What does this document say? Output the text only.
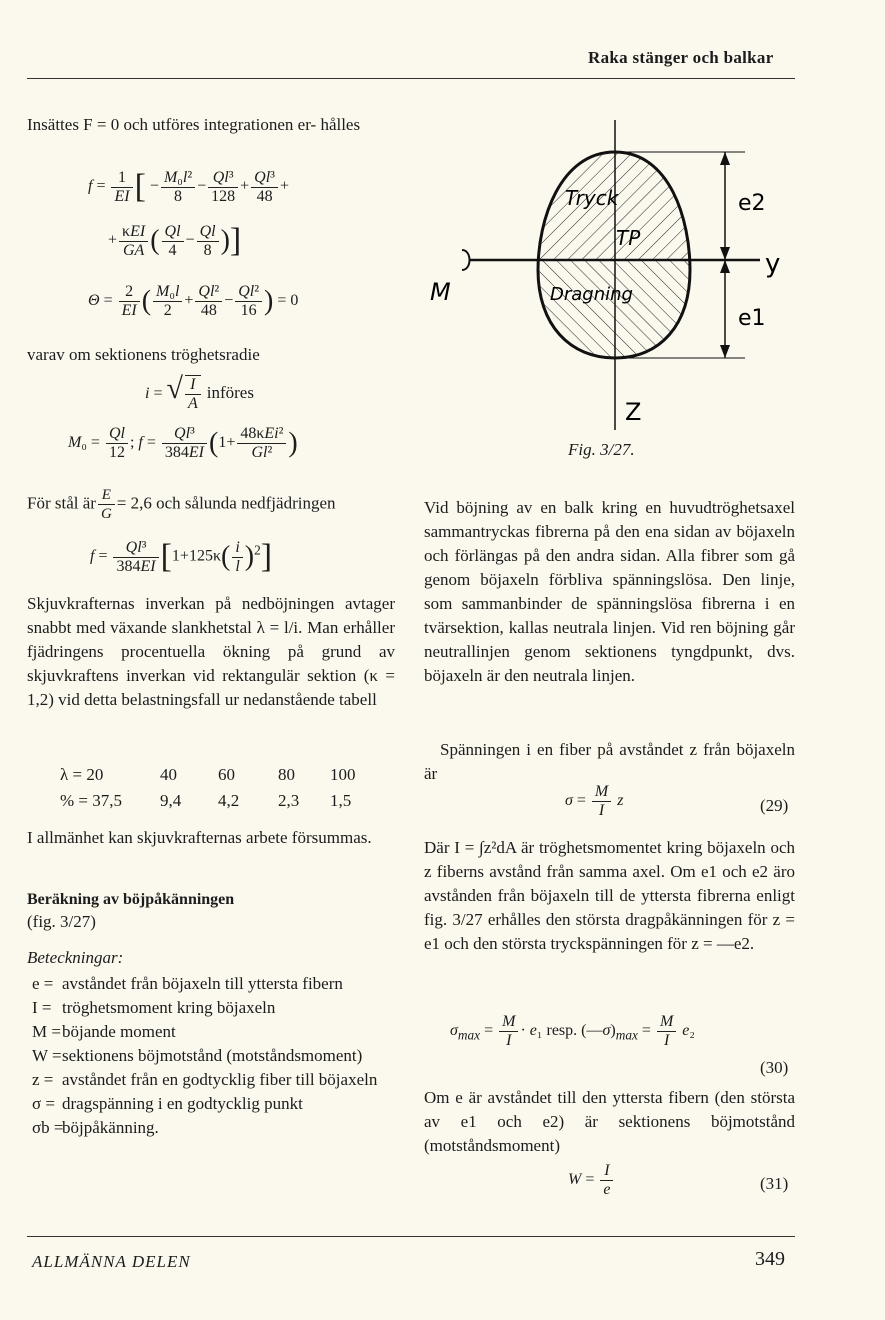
Raka stänger och balkar
Insättes F = 0 och utföres integrationen er- hålles
$f = \frac{1}{EI}$ [ − $\frac{\text{M₀l²}}{8} - \frac{\text{Ql³}}{128} + \frac{\text{Ql³}}{48}$ +
+ $\frac{\text{κEI}}{GA}$ ( $\frac{Ql}{4} - \frac{Ql}{8}$ )]
$\Theta = \frac{2}{EI}$ ( $\frac{\text{M₀l}}{2} + \frac{\text{Ql²}}{48} - \frac{\text{Ql²}}{16}$ ) = 0
varav om sektionens tröghetsradie
i = √ $\frac{I}{A}$ införes
$M_0 = \frac{Ql}{12}$ ; $f = \frac{\text{Ql³}}{384EI} (1+ \frac{\text{48κEi²}}{\text{Gl²}}$ )
För stål är $\frac{E}{G} = 2,6$ och sålunda nedfjädringen
$f = \frac{\text{Ql³}}{384EI} [1+125\kappa( \frac{i}{l} )^2]$
Skjuvkrafternas inverkan på nedböjningen avtager snabbt med växande slankhetstal λ = l/i. Man erhåller fjädringens procentuella ökning på grund av skjuvkraftens inverkan vid rektangulär sektion (κ = 1,2) vid detta belastningsfall ur nedanstående tabell
λ = 20	40 60	80 100
% = 37,5 9,4 4,2 2,3 1,5
I allmänhet kan skjuvkrafternas arbete försummas.
Beräkning av böjpåkänningen
(fig. 3/27)
Beteckningar:
e = avståndet från böjaxeln till yttersta fibern
I = tröghetsmoment kring böjaxeln
M = böjande moment
W = sektionens böjmotstånd (motståndsmoment)
z = avståndet från en godtycklig fiber till böjaxeln
σ = dragspänning i en godtycklig punkt
σb =
böjpåkänning.
Tryck
TP
Dragning
M
Z
y
e2
e1
Fig. 3/27.
Vid böjning av en balk kring en huvudtröghetsaxel sammantryckas fibrerna på den ena sidan av böjaxeln och förlängas på den andra sidan. Alla fibrer som gå genom böjaxeln förbliva spänningslösa. Den linje, som sammanbinder de spänningslösa fibrerna i en tvärsektion, kallas neutrala linjen. Vid ren böjning går neutrallinjen genom sektionens tyngdpunkt, dvs. böjaxeln är den neutrala linjen.
Spänningen i en fiber på avståndet z från böjaxeln är
$\sigma = \frac{M}{I}$ z	(29)
Där I = ∫z²dA är tröghetsmomentet kring böjaxeln och z fiberns avstånd från samma axel. Om e1 och e2 äro avstånden från böjaxeln till de yttersta fibrerna enligt fig. 3/27 erhålles den största dragpåkänningen för z = e1 och den största tryckspänningen för z = —e2.
$\sigma_{max} = \frac{M}{I} \cdot e_1$ resp. $(—\sigma)_{max} = \frac{M}{I} e_2$
(30)
Om e är avståndet till den yttersta fibern (den största av e1 och e2) är sektionens böjmotstånd (motståndsmoment)
$W = \frac{I}{e}$	(31)
ALLMÄNNA DELEN	349
